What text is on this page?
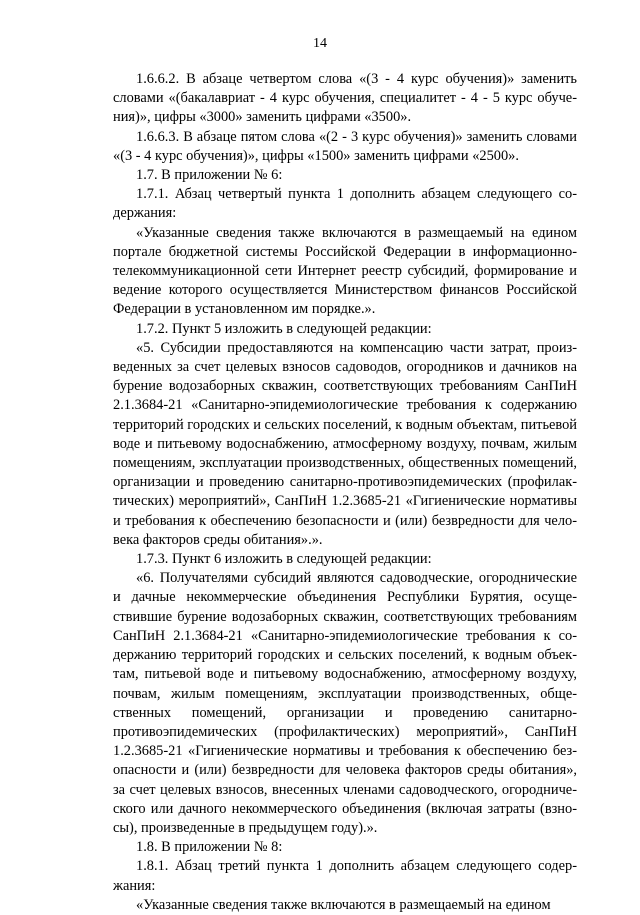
14

1.6.6.2. В абзаце четвертом слова «(3 - 4 курс обучения)» заменить словами «(бакалавриат - 4 курс обучения, специалитет - 4 - 5 курс обучения)», цифры «3000» заменить цифрами «3500».

1.6.6.3. В абзаце пятом слова «(2 - 3 курс обучения)» заменить словами «(3 - 4 курс обучения)», цифры «1500» заменить цифрами «2500».

1.7. В приложении № 6:

1.7.1. Абзац четвертый пункта 1 дополнить абзацем следующего содержания:

«Указанные сведения также включаются в размещаемый на едином портале бюджетной системы Российской Федерации в информационно-телекоммуникационной сети Интернет реестр субсидий, формирование и ведение которого осуществляется Министерством финансов Российской Федерации в установленном им порядке.».

1.7.2. Пункт 5 изложить в следующей редакции:

«5. Субсидии предоставляются на компенсацию части затрат, произведенных за счет целевых взносов садоводов, огородников и дачников на бурение водозаборных скважин, соответствующих требованиям СанПиН 2.1.3684-21 «Санитарно-эпидемиологические требования к содержанию территорий городских и сельских поселений, к водным объектам, питьевой воде и питьевому водоснабжению, атмосферному воздуху, почвам, жилым помещениям, эксплуатации производственных, общественных помещений, организации и проведению санитарно-противоэпидемических (профилактических) мероприятий», СанПиН 1.2.3685-21 «Гигиенические нормативы и требования к обеспечению безопасности и (или) безвредности для человека факторов среды обитания».».

1.7.3. Пункт 6 изложить в следующей редакции:

«6. Получателями субсидий являются садоводческие, огороднические и дачные некоммерческие объединения Республики Бурятия, осуществившие бурение водозаборных скважин, соответствующих требованиям СанПиН 2.1.3684-21 «Санитарно-эпидемиологические требования к содержанию территорий городских и сельских поселений, к водным объектам, питьевой воде и питьевому водоснабжению, атмосферному воздуху, почвам, жилым помещениям, эксплуатации производственных, общественных помещений, организации и проведению санитарно-противоэпидемических (профилактических) мероприятий», СанПиН 1.2.3685-21 «Гигиенические нормативы и требования к обеспечению безопасности и (или) безвредности для человека факторов среды обитания», за счет целевых взносов, внесенных членами садоводческого, огороднического или дачного некоммерческого объединения (включая затраты (взносы), произведенные в предыдущем году).».

1.8. В приложении № 8:

1.8.1. Абзац третий пункта 1 дополнить абзацем следующего содержания:

«Указанные сведения также включаются в размещаемый на едином
